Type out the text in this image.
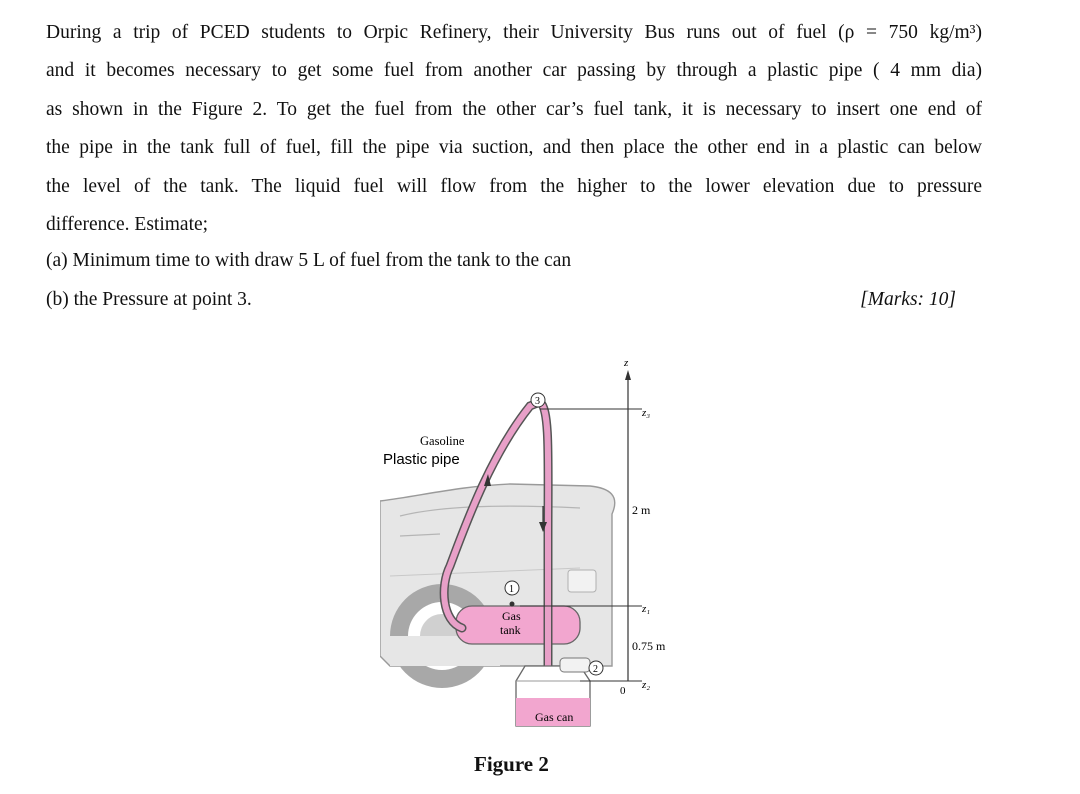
During a trip of PCED students to Orpic Refinery, their University Bus runs out of fuel (ρ = 750 kg/m³)
and it becomes necessary to get some fuel from another car passing by through a plastic pipe ( 4 mm dia)
as shown in the Figure 2. To get the fuel from the other car’s fuel tank, it is necessary to insert one end of
the pipe in the tank full of fuel, fill the pipe via suction, and then place the other end in a plastic can below
the level of the tank. The liquid fuel will flow from the higher to the lower elevation due to pressure
difference. Estimate;
(a) Minimum time to with draw 5 L of fuel from the tank to the can
(b) the Pressure at point 3.	[Marks: 10]
Gasoline
Plastic pipe
Gas
tank
Gas can
1
2
3
z
z₃
z₁
z₂
0
2 m
0.75 m
Figure 2
